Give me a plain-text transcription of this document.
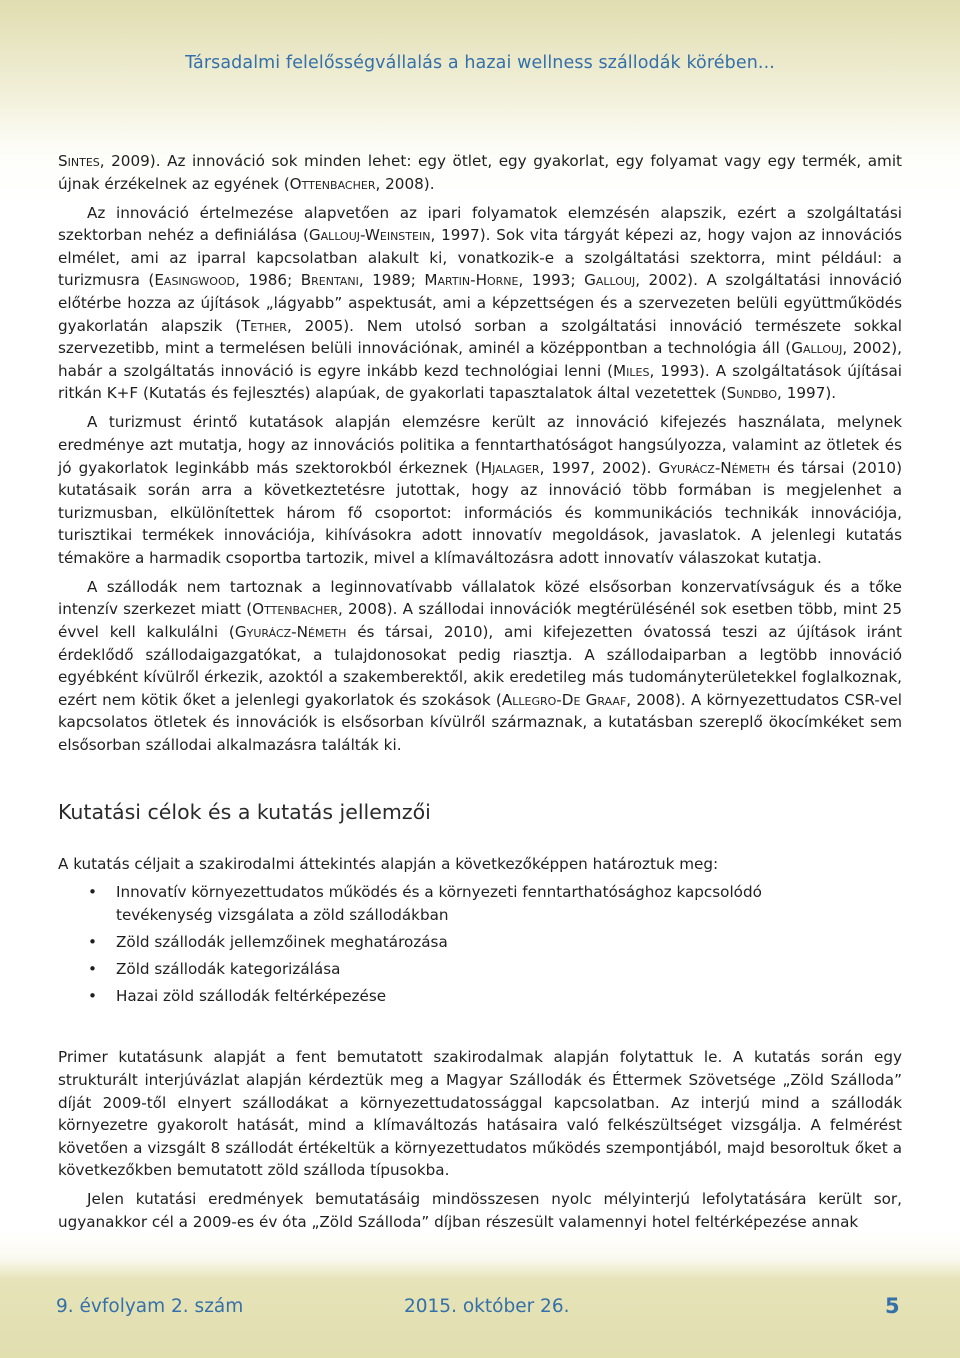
Társadalmi felelősségvállalás a hazai wellness szállodák körében...

Sintes, 2009). Az innováció sok minden lehet: egy ötlet, egy gyakorlat, egy folyamat vagy egy termék, amit újnak érzékelnek az egyének (Ottenbacher, 2008).

Az innováció értelmezése alapvetően az ipari folyamatok elemzésén alapszik, ezért a szolgáltatási szektorban nehéz a definiálása (Gallouj-Weinstein, 1997). Sok vita tárgyát képezi az, hogy vajon az innovációs elmélet, ami az iparral kapcsolatban alakult ki, vonatkozik-e a szolgáltatási szektorra, mint például: a turizmusra (Easingwood, 1986; Brentani, 1989; Martin-Horne, 1993; Gallouj, 2002). A szolgáltatási innováció előtérbe hozza az újítások „lágyabb” aspektusát, ami a képzettségen és a szervezeten belüli együttműködés gyakorlatán alapszik (Tether, 2005). Nem utolsó sorban a szolgáltatási innováció természete sokkal szervezetibb, mint a termelésen belüli innovációnak, aminél a középpontban a technológia áll (Gallouj, 2002), habár a szolgáltatás innováció is egyre inkább kezd technológiai lenni (Miles, 1993). A szolgáltatások újításai ritkán K+F (Kutatás és fejlesztés) alapúak, de gyakorlati tapasztalatok által vezetettek (Sundbo, 1997).

A turizmust érintő kutatások alapján elemzésre került az innováció kifejezés használata, melynek eredménye azt mutatja, hogy az innovációs politika a fenntarthatóságot hangsúlyozza, valamint az ötletek és jó gyakorlatok leginkább más szektorokból érkeznek (Hjalager, 1997, 2002). Gyurácz-Németh és társai (2010) kutatásaik során arra a következtetésre jutottak, hogy az innováció több formában is megjelenhet a turizmusban, elkülönítettek három fő csoportot: információs és kommunikációs technikák innovációja, turisztikai termékek innovációja, kihívásokra adott innovatív megoldások, javaslatok. A jelenlegi kutatás témaköre a harmadik csoportba tartozik, mivel a klímaváltozásra adott innovatív válaszokat kutatja.

A szállodák nem tartoznak a leginnovatívabb vállalatok közé elsősorban konzervatívságuk és a tőke intenzív szerkezet miatt (Ottenbacher, 2008). A szállodai innovációk megtérülésénél sok esetben több, mint 25 évvel kell kalkulálni (Gyurácz-Németh és társai, 2010), ami kifejezetten óvatossá teszi az újítások iránt érdeklődő szállodaigazgatókat, a tulajdonosokat pedig riasztja. A szállodaiparban a legtöbb innováció egyébként kívülről érkezik, azoktól a szakemberektől, akik eredetileg más tudományterületekkel foglalkoznak, ezért nem kötik őket a jelenlegi gyakorlatok és szokások (Allegro-De Graaf, 2008). A környezettudatos CSR-vel kapcsolatos ötletek és innovációk is elsősorban kívülről származnak, a kutatásban szereplő ökocímkéket sem elsősorban szállodai alkalmazásra találták ki.

Kutatási célok és a kutatás jellemzői

A kutatás céljait a szakirodalmi áttekintés alapján a következőképpen határoztuk meg:

• Innovatív környezettudatos működés és a környezeti fenntarthatósághoz kapcsolódó tevékenység vizsgálata a zöld szállodákban
• Zöld szállodák jellemzőinek meghatározása
• Zöld szállodák kategorizálása
• Hazai zöld szállodák feltérképezése

Primer kutatásunk alapját a fent bemutatott szakirodalmak alapján folytattuk le. A kutatás során egy strukturált interjúvázlat alapján kérdeztük meg a Magyar Szállodák és Éttermek Szövetsége „Zöld Szálloda” díját 2009-től elnyert szállodákat a környezettudatossággal kapcsolatban. Az interjú mind a szállodák környezetre gyakorolt hatását, mind a klímaváltozás hatásaira való felkészültséget vizsgálja. A felmérést követően a vizsgált 8 szállodát értékeltük a környezettudatos működés szempontjából, majd besoroltuk őket a következőkben bemutatott zöld szálloda típusokba.

Jelen kutatási eredmények bemutatásáig mindösszesen nyolc mélyinterjú lefolytatására került sor, ugyanakkor cél a 2009-es év óta „Zöld Szálloda” díjban részesült valamennyi hotel feltérképezése annak

9. évfolyam 2. szám	2015. október 26.	5
